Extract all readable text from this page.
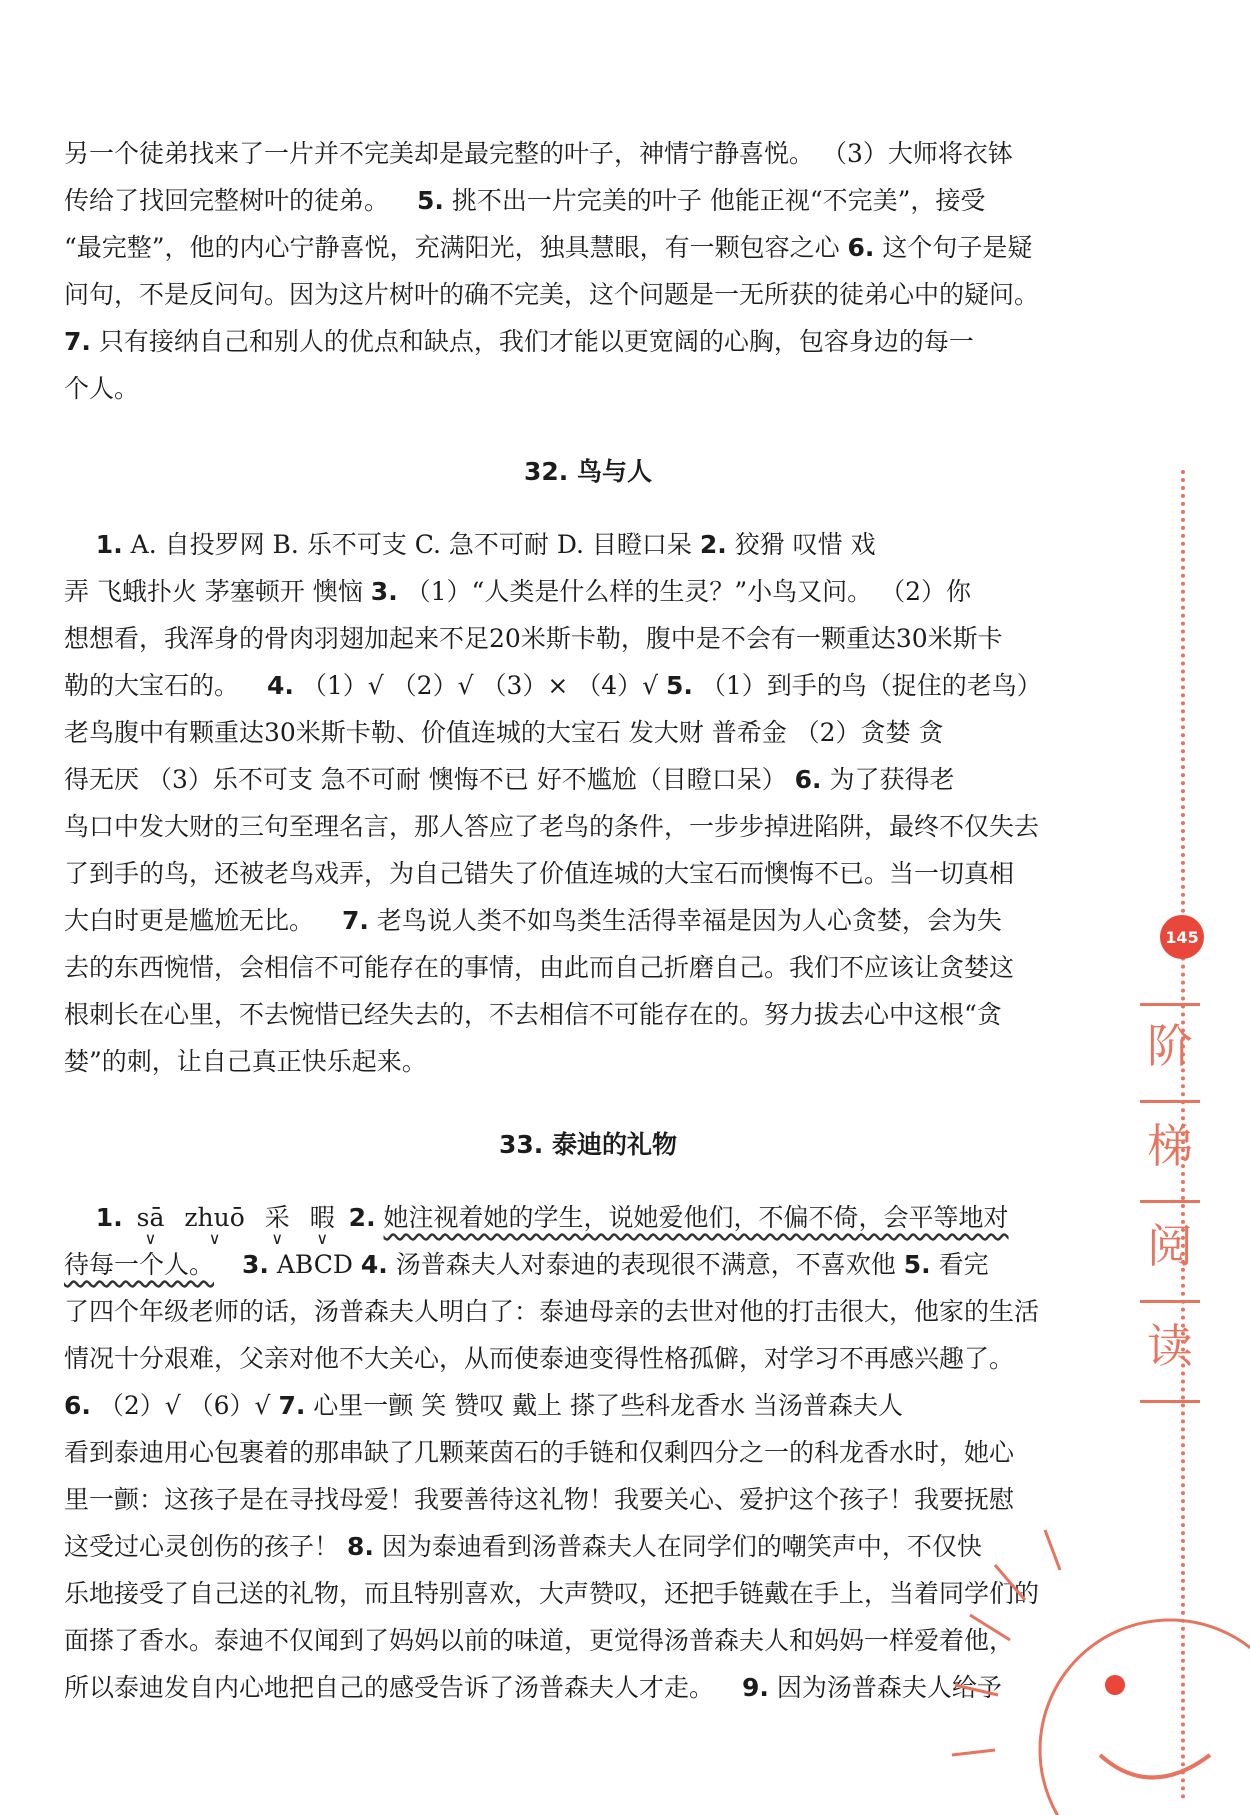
另一个徒弟找来了一片并不完美却是最完整的叶子，神情宁静喜悦。 （3）大师将衣钵

传给了找回完整树叶的徒弟。 5. 挑不出一片完美的叶子 他能正视“不完美”，接受

“最完整”，他的内心宁静喜悦，充满阳光，独具慧眼，有一颗包容之心 6. 这个句子是疑

问句，不是反问句。因为这片树叶的确不完美，这个问题是一无所获的徒弟心中的疑问。

7. 只有接纳自己和别人的优点和缺点，我们才能以更宽阔的心胸，包容身边的每一

个人。

32. 鸟与人

1. A. 自投罗网 B. 乐不可支 C. 急不可耐 D. 目瞪口呆 2. 狡猾 叹惜 戏

弄 飞蛾扑火 茅塞顿开 懊恼 3. （1）“人类是什么样的生灵？”小鸟又问。 （2）你

想想看，我浑身的骨肉羽翅加起来不足20米斯卡勒，腹中是不会有一颗重达30米斯卡

勒的大宝石的。 4. （1）√ （2）√ （3）× （4）√ 5. （1）到手的鸟（捉住的老鸟）

老鸟腹中有颗重达30米斯卡勒、价值连城的大宝石 发大财 普希金 （2）贪婪 贪

得无厌 （3）乐不可支 急不可耐 懊悔不已 好不尴尬（目瞪口呆） 6. 为了获得老

鸟口中发大财的三句至理名言，那人答应了老鸟的条件，一步步掉进陷阱，最终不仅失去

了到手的鸟，还被老鸟戏弄，为自己错失了价值连城的大宝石而懊悔不已。当一切真相

大白时更是尴尬无比。 7. 老鸟说人类不如鸟类生活得幸福是因为人心贪婪，会为失

去的东西惋惜，会相信不可能存在的事情，由此而自己折磨自己。我们不应该让贪婪这

根刺长在心里，不去惋惜已经失去的，不去相信不可能存在的。努力拔去心中这根“贪

婪”的刺，让自己真正快乐起来。

33. 泰迪的礼物

1. sā
∨
zhuō
∨
采
∨
暇
∨
2. 她注视着她的学生，说她爱他们，不偏不倚，会平等地对

待每一个人。 3. ABCD 4. 汤普森夫人对泰迪的表现很不满意，不喜欢他 5. 看完

了四个年级老师的话，汤普森夫人明白了：泰迪母亲的去世对他的打击很大，他家的生活

情况十分艰难，父亲对他不大关心，从而使泰迪变得性格孤僻，对学习不再感兴趣了。

6. （2）√ （6）√ 7. 心里一颤 笑 赞叹 戴上 搽了些科龙香水 当汤普森夫人

看到泰迪用心包裹着的那串缺了几颗莱茵石的手链和仅剩四分之一的科龙香水时，她心

里一颤：这孩子是在寻找母爱！我要善待这礼物！我要关心、爱护这个孩子！我要抚慰

这受过心灵创伤的孩子！ 8. 因为泰迪看到汤普森夫人在同学们的嘲笑声中，不仅快

乐地接受了自己送的礼物，而且特别喜欢，大声赞叹，还把手链戴在手上，当着同学们的

面搽了香水。泰迪不仅闻到了妈妈以前的味道，更觉得汤普森夫人和妈妈一样爱着他，

所以泰迪发自内心地把自己的感受告诉了汤普森夫人才走。 9. 因为汤普森夫人给予

145
阶
梯
阅
读
